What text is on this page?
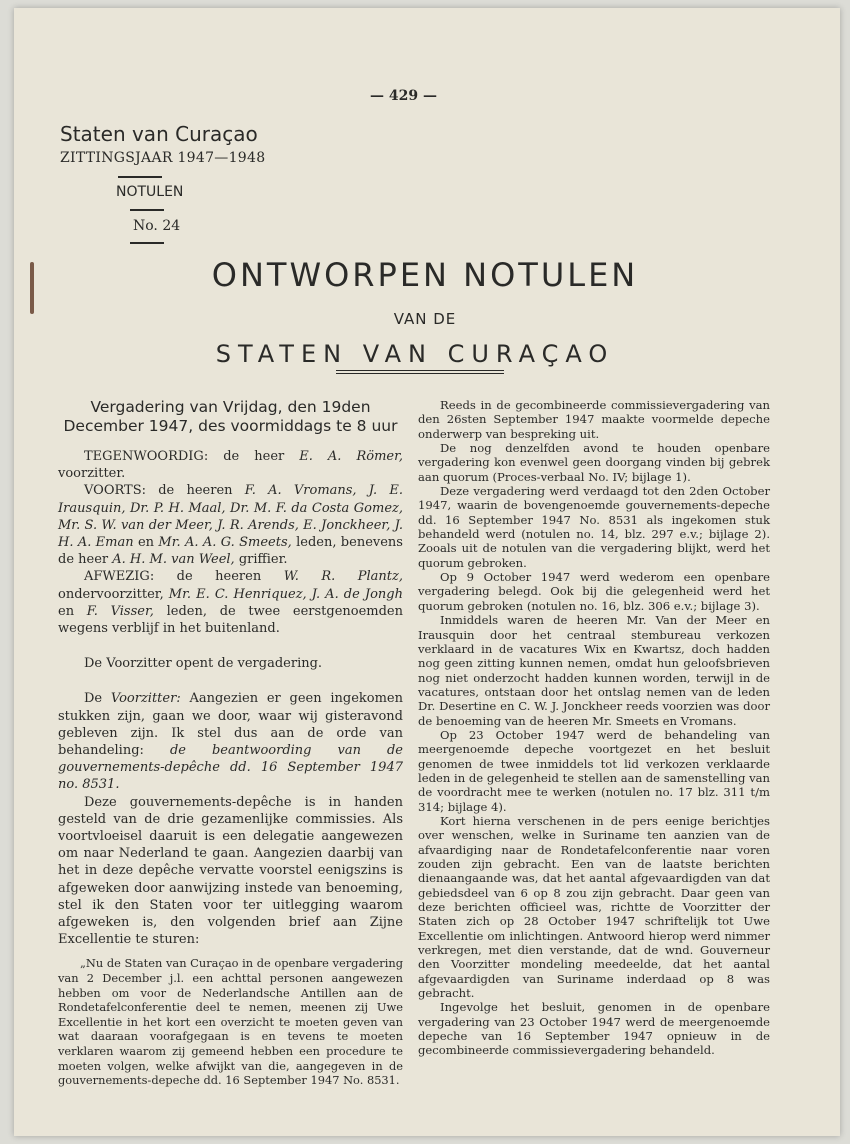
— 429 —
Staten van Curaçao
ZITTINGSJAAR 1947—1948
NOTULEN
No. 24
ONTWORPEN NOTULEN
VAN DE
STATEN VAN CURAÇAO

Vergadering van Vrijdag, den 19den December 1947, des voormiddags te 8 uur

TEGENWOORDIG: de heer E. A. Römer, voorzitter.

VOORTS: de heeren F. A. Vromans, J. E. Irausquin, Dr. P. H. Maal, Dr. M. F. da Costa Gomez, Mr. S. W. van der Meer, J. R. Arends, E. Jonckheer, J. H. A. Eman en Mr. A. A. G. Smeets, leden, benevens de heer A. H. M. van Weel, griffier.

AFWEZIG: de heeren W. R. Plantz, ondervoorzitter, Mr. E. C. Henriquez, J. A. de Jongh en F. Visser, leden, de twee eerstgenoemden wegens verblijf in het buitenland.

De Voorzitter opent de vergadering.

De Voorzitter: Aangezien er geen ingekomen stukken zijn, gaan we door, waar wij gisteravond gebleven zijn. Ik stel dus aan de orde van behandeling: de beantwoording van de gouvernements-depêche dd. 16 September 1947 no. 8531.

Deze gouvernements-depêche is in handen gesteld van de drie gezamenlijke commissies. Als voortvloeisel daaruit is een delegatie aangewezen om naar Nederland te gaan. Aangezien daarbij van het in deze depêche vervatte voorstel eenigszins is afgeweken door aanwijzing instede van benoeming, stel ik den Staten voor ter uitlegging waarom afgeweken is, den volgenden brief aan Zijne Excellentie te sturen:

„Nu de Staten van Curaçao in de openbare vergadering van 2 December j.l. een achttal personen aangewezen hebben om voor de Nederlandsche Antillen aan de Rondetafelconferentie deel te nemen, meenen zij Uwe Excellentie in het kort een overzicht te moeten geven van wat daaraan voorafgegaan is en tevens te moeten verklaren waarom zij gemeend hebben een procedure te moeten volgen, welke afwijkt van die, aangegeven in de gouvernements-depeche dd. 16 September 1947 No. 8531.

Reeds in de gecombineerde commissievergadering van den 26sten September 1947 maakte voormelde depeche onderwerp van bespreking uit.

De nog denzelfden avond te houden openbare vergadering kon evenwel geen doorgang vinden bij gebrek aan quorum (Proces-verbaal No. IV; bijlage 1).

Deze vergadering werd verdaagd tot den 2den October 1947, waarin de bovengenoemde gouvernements-depeche dd. 16 September 1947 No. 8531 als ingekomen stuk behandeld werd (notulen no. 14, blz. 297 e.v.; bijlage 2). Zooals uit de notulen van die vergadering blijkt, werd het quorum gebroken.

Op 9 October 1947 werd wederom een openbare vergadering belegd. Ook bij die gelegenheid werd het quorum gebroken (notulen no. 16, blz. 306 e.v.; bijlage 3).

Inmiddels waren de heeren Mr. Van der Meer en Irausquin door het centraal stembureau verkozen verklaard in de vacatures Wix en Kwartsz, doch hadden nog geen zitting kunnen nemen, omdat hun geloofsbrieven nog niet onderzocht hadden kunnen worden, terwijl in de vacatures, ontstaan door het ontslag nemen van de leden Dr. Desertine en C. W. J. Jonckheer reeds voorzien was door de benoeming van de heeren Mr. Smeets en Vromans.

Op 23 October 1947 werd de behandeling van meergenoemde depeche voortgezet en het besluit genomen de twee inmiddels tot lid verkozen verklaarde leden in de gelegenheid te stellen aan de samenstelling van de voordracht mee te werken (notulen no. 17 blz. 311 t/m 314; bijlage 4).

Kort hierna verschenen in de pers eenige berichtjes over wenschen, welke in Suriname ten aanzien van de afvaardiging naar de Rondetafelconferentie naar voren zouden zijn gebracht. Een van de laatste berichten dienaangaande was, dat het aantal afgevaardigden van dat gebiedsdeel van 6 op 8 zou zijn gebracht. Daar geen van deze berichten officieel was, richtte de Voorzitter der Staten zich op 28 October 1947 schriftelijk tot Uwe Excellentie om inlichtingen. Antwoord hierop werd nimmer verkregen, met dien verstande, dat de wnd. Gouverneur den Voorzitter mondeling meedeelde, dat het aantal afgevaardigden van Suriname inderdaad op 8 was gebracht.

Ingevolge het besluit, genomen in de openbare vergadering van 23 October 1947 werd de meergenoemde depeche van 16 September 1947 opnieuw in de gecombineerde commissievergadering behandeld.
